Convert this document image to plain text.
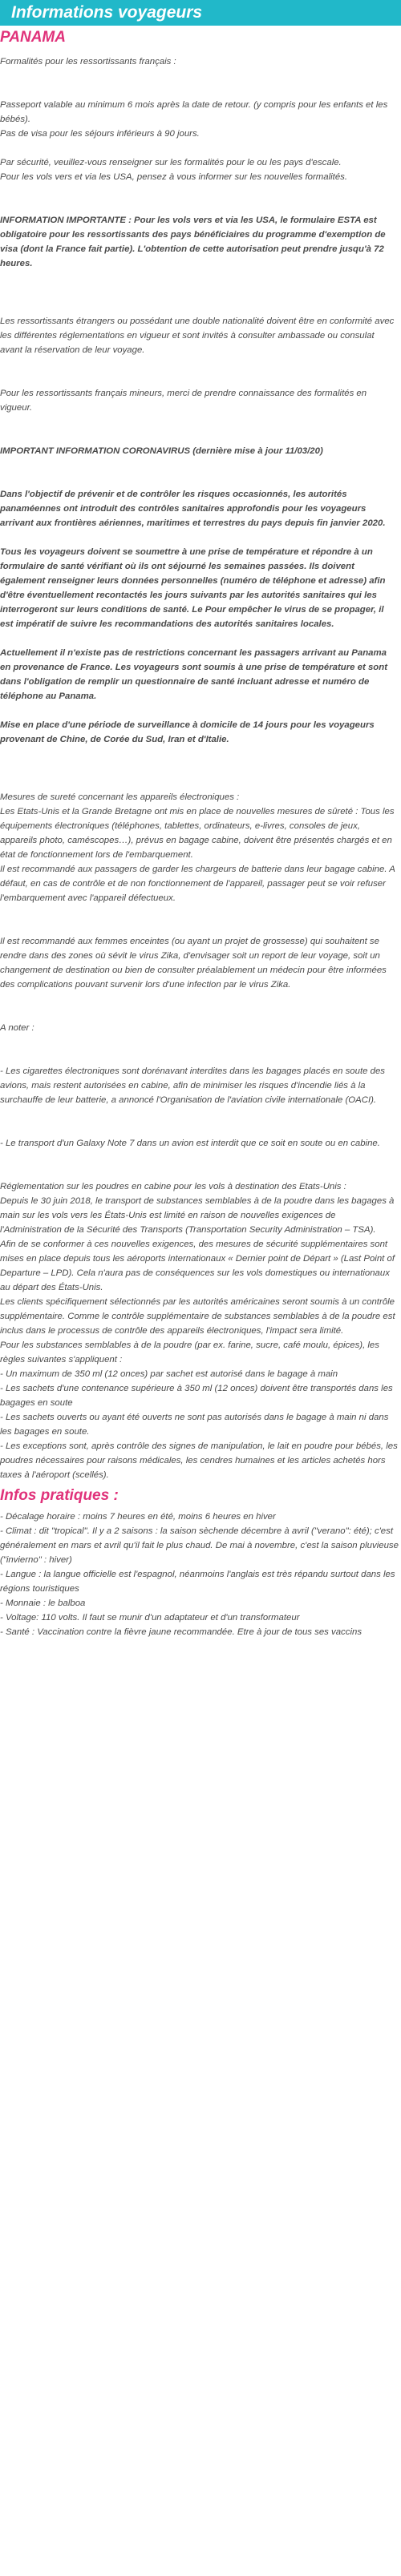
Informations voyageurs
PANAMA

Formalités pour les ressortissants français :

Passeport valable au minimum 6 mois après la date de retour. (y compris pour les enfants et les bébés).
Pas de visa pour les séjours inférieurs à 90 jours.

Par sécurité, veuillez-vous renseigner sur les formalités pour le ou les pays d'escale.
Pour les vols vers et via les USA, pensez à vous informer sur les nouvelles formalités.

INFORMATION IMPORTANTE : Pour les vols vers et via les USA, le formulaire ESTA est obligatoire pour les ressortissants des pays bénéficiaires du programme d'exemption de visa (dont la France fait partie). L'obtention de cette autorisation peut prendre jusqu'à 72 heures.

Les ressortissants étrangers ou possédant une double nationalité doivent être en conformité avec les différentes réglementations en vigueur et sont invités à consulter ambassade ou consulat avant la réservation de leur voyage.

Pour les ressortissants français mineurs, merci de prendre connaissance des formalités en vigueur.

IMPORTANT INFORMATION CORONAVIRUS (dernière mise à jour 11/03/20)

Dans l'objectif de prévenir et de contrôler les risques occasionnés, les autorités panaméennes ont introduit des contrôles sanitaires approfondis pour les voyageurs arrivant aux frontières aériennes, maritimes et terrestres du pays depuis fin janvier 2020.

Tous les voyageurs doivent se soumettre à une prise de température et répondre à un formulaire de santé vérifiant où ils ont séjourné les semaines passées. Ils doivent également renseigner leurs données personnelles (numéro de téléphone et adresse) afin d'être éventuellement recontactés les jours suivants par les autorités sanitaires qui les interrogeront sur leurs conditions de santé. Le Pour empêcher le virus de se propager, il est impératif de suivre les recommandations des autorités sanitaires locales.

Actuellement il n'existe pas de restrictions concernant les passagers arrivant au Panama en provenance de France. Les voyageurs sont soumis à une prise de température et sont dans l'obligation de remplir un questionnaire de santé incluant adresse et numéro de téléphone au Panama.

Mise en place d'une période de surveillance à domicile de 14 jours pour les voyageurs provenant de Chine, de Corée du Sud, Iran et d'Italie.

Mesures de sureté concernant les appareils électroniques :
Les Etats-Unis et la Grande Bretagne ont mis en place de nouvelles mesures de sûreté : Tous les équipements électroniques (téléphones, tablettes, ordinateurs, e-livres, consoles de jeux, appareils photo, caméscopes…), prévus en bagage cabine, doivent être présentés chargés et en état de fonctionnement lors de l'embarquement.
Il est recommandé aux passagers de garder les chargeurs de batterie dans leur bagage cabine. A défaut, en cas de contrôle et de non fonctionnement de l'appareil, passager peut se voir refuser l'embarquement avec l'appareil défectueux.

Il est recommandé aux femmes enceintes (ou ayant un projet de grossesse) qui souhaitent se rendre dans des zones où sévit le virus Zika, d'envisager soit un report de leur voyage, soit un changement de destination ou bien de consulter préalablement un médecin pour être informées des complications pouvant survenir lors d'une infection par le virus Zika.

A noter :

- Les cigarettes électroniques sont dorénavant interdites dans les bagages placés en soute des avions, mais restent autorisées en cabine, afin de minimiser les risques d'incendie liés à la surchauffe de leur batterie, a annoncé l'Organisation de l'aviation civile internationale (OACI).

- Le transport d'un Galaxy Note 7 dans un avion est interdit que ce soit en soute ou en cabine.

Réglementation sur les poudres en cabine pour les vols à destination des Etats-Unis :
Depuis le 30 juin 2018, le transport de substances semblables à de la poudre dans les bagages à main sur les vols vers les États-Unis est limité en raison de nouvelles exigences de l'Administration de la Sécurité des Transports (Transportation Security Administration – TSA).
Afin de se conformer à ces nouvelles exigences, des mesures de sécurité supplémentaires sont mises en place depuis tous les aéroports internationaux « Dernier point de Départ » (Last Point of Departure – LPD). Cela n'aura pas de conséquences sur les vols domestiques ou internationaux au départ des États-Unis.
Les clients spécifiquement sélectionnés par les autorités américaines seront soumis à un contrôle supplémentaire. Comme le contrôle supplémentaire de substances semblables à de la poudre est inclus dans le processus de contrôle des appareils électroniques, l'impact sera limité.
Pour les substances semblables à de la poudre (par ex. farine, sucre, café moulu, épices), les règles suivantes s'appliquent :
- Un maximum de 350 ml (12 onces) par sachet est autorisé dans le bagage à main
- Les sachets d'une contenance supérieure à 350 ml (12 onces) doivent être transportés dans les bagages en soute
- Les sachets ouverts ou ayant été ouverts ne sont pas autorisés dans le bagage à main ni dans les bagages en soute.
- Les exceptions sont, après contrôle des signes de manipulation, le lait en poudre pour bébés, les poudres nécessaires pour raisons médicales, les cendres humaines et les articles achetés hors taxes à l'aéroport (scellés).

Infos pratiques :

- Décalage horaire : moins 7 heures en été, moins 6 heures en hiver
- Climat : dit "tropical". Il y a 2 saisons : la saison sèchende décembre à avril ("verano": été); c'est généralement en mars et avril qu'il fait le plus chaud. De mai à novembre, c'est la saison pluvieuse ("invierno" : hiver)
- Langue : la langue officielle est l'espagnol, néanmoins l'anglais est très répandu surtout dans les régions touristiques
- Monnaie : le balboa
- Voltage: 110 volts. Il faut se munir d'un adaptateur et d'un transformateur
- Santé : Vaccination contre la fièvre jaune recommandée. Etre à jour de tous ses vaccins
